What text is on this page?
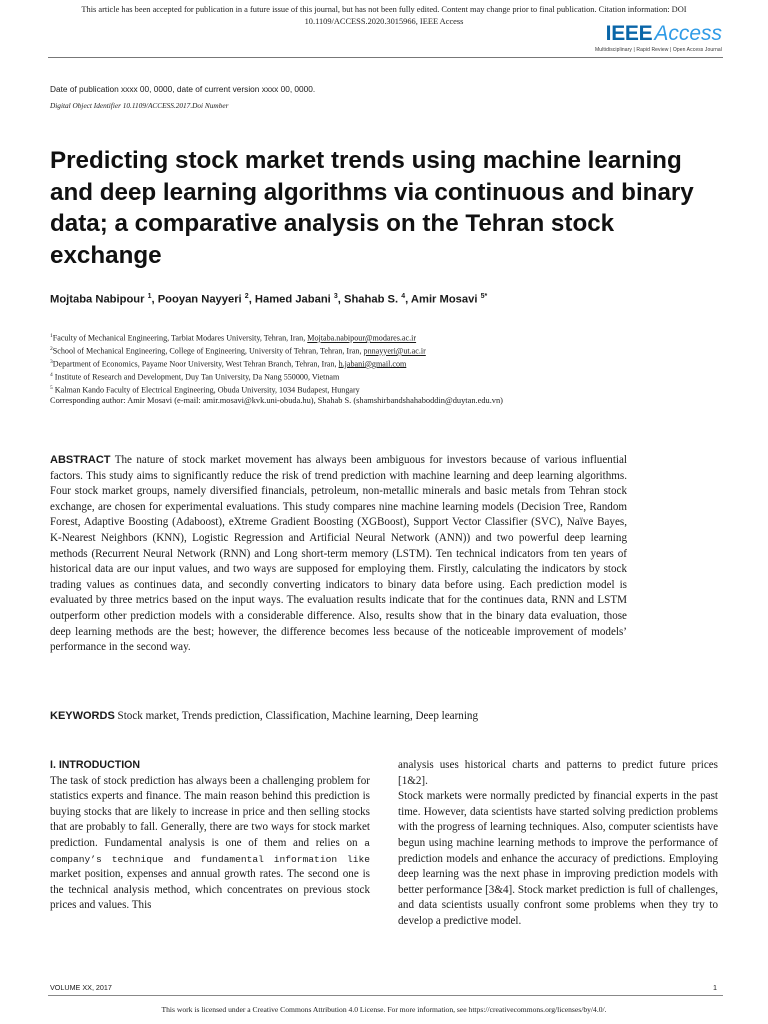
This article has been accepted for publication in a future issue of this journal, but has not been fully edited. Content may change prior to final publication. Citation information: DOI 10.1109/ACCESS.2020.3015966, IEEE Access
IEEEAccess
Multidisciplinary | Rapid Review | Open Access Journal
Date of publication xxxx 00, 0000, date of current version xxxx 00, 0000.
Digital Object Identifier 10.1109/ACCESS.2017.Doi Number
Predicting stock market trends using machine learning and deep learning algorithms via continuous and binary data; a comparative analysis on the Tehran stock exchange
Mojtaba Nabipour $^1$, Pooyan Nayyeri $^2$, Hamed Jabani $^3$, Shahab S. $^4$, Amir Mosavi $^{5*}$
$^1$Faculty of Mechanical Engineering, Tarbiat Modares University, Tehran, Iran, Mojtaba.nabipour@modares.ac.ir
$^2$School of Mechanical Engineering, College of Engineering, University of Tehran, Tehran, Iran, pnnayyeri@ut.ac.ir
$^3$Department of Economics, Payame Noor University, West Tehran Branch, Tehran, Iran, h.jabani@gmail.com
$^4$ Institute of Research and Development, Duy Tan University, Da Nang 550000, Vietnam
$^5$ Kalman Kando Faculty of Electrical Engineering, Obuda University, 1034 Budapest, Hungary
Corresponding author: Amir Mosavi (e-mail: amir.mosavi@kvk.uni-obuda.hu), Shahab S. (shamshirbandshahaboddin@duytan.edu.vn)

ABSTRACT The nature of stock market movement has always been ambiguous for investors because of various influential factors. This study aims to significantly reduce the risk of trend prediction with machine learning and deep learning algorithms. Four stock market groups, namely diversified financials, petroleum, non-metallic minerals and basic metals from Tehran stock exchange, are chosen for experimental evaluations. This study compares nine machine learning models (Decision Tree, Random Forest, Adaptive Boosting (Adaboost), eXtreme Gradient Boosting (XGBoost), Support Vector Classifier (SVC), Naïve Bayes, K-Nearest Neighbors (KNN), Logistic Regression and Artificial Neural Network (ANN)) and two powerful deep learning methods (Recurrent Neural Network (RNN) and Long short-term memory (LSTM). Ten technical indicators from ten years of historical data are our input values, and two ways are supposed for employing them. Firstly, calculating the indicators by stock trading values as continues data, and secondly converting indicators to binary data before using. Each prediction model is evaluated by three metrics based on the input ways. The evaluation results indicate that for the continues data, RNN and LSTM outperform other prediction models with a considerable difference. Also, results show that in the binary data evaluation, those deep learning methods are the best; however, the difference becomes less because of the noticeable improvement of models’ performance in the second way.

KEYWORDS Stock market, Trends prediction, Classification, Machine learning, Deep learning
I. INTRODUCTION

The task of stock prediction has always been a challenging problem for statistics experts and finance. The main reason behind this prediction is buying stocks that are likely to increase in price and then selling stocks that are probably to fall. Generally, there are two ways for stock market prediction. Fundamental analysis is one of them and relies on a company’s technique and fundamental information like market position, expenses and annual growth rates. The second one is the technical analysis method, which concentrates on previous stock prices and values. This

analysis uses historical charts and patterns to predict future prices [1&2].

Stock markets were normally predicted by financial experts in the past time. However, data scientists have started solving prediction problems with the progress of learning techniques. Also, computer scientists have begun using machine learning methods to improve the performance of prediction models and enhance the accuracy of predictions. Employing deep learning was the next phase in improving prediction models with better performance [3&4]. Stock market prediction is full of challenges, and data scientists usually confront some problems when they try to develop a predictive model.

VOLUME XX, 2017	1
This work is licensed under a Creative Commons Attribution 4.0 License. For more information, see https://creativecommons.org/licenses/by/4.0/.
